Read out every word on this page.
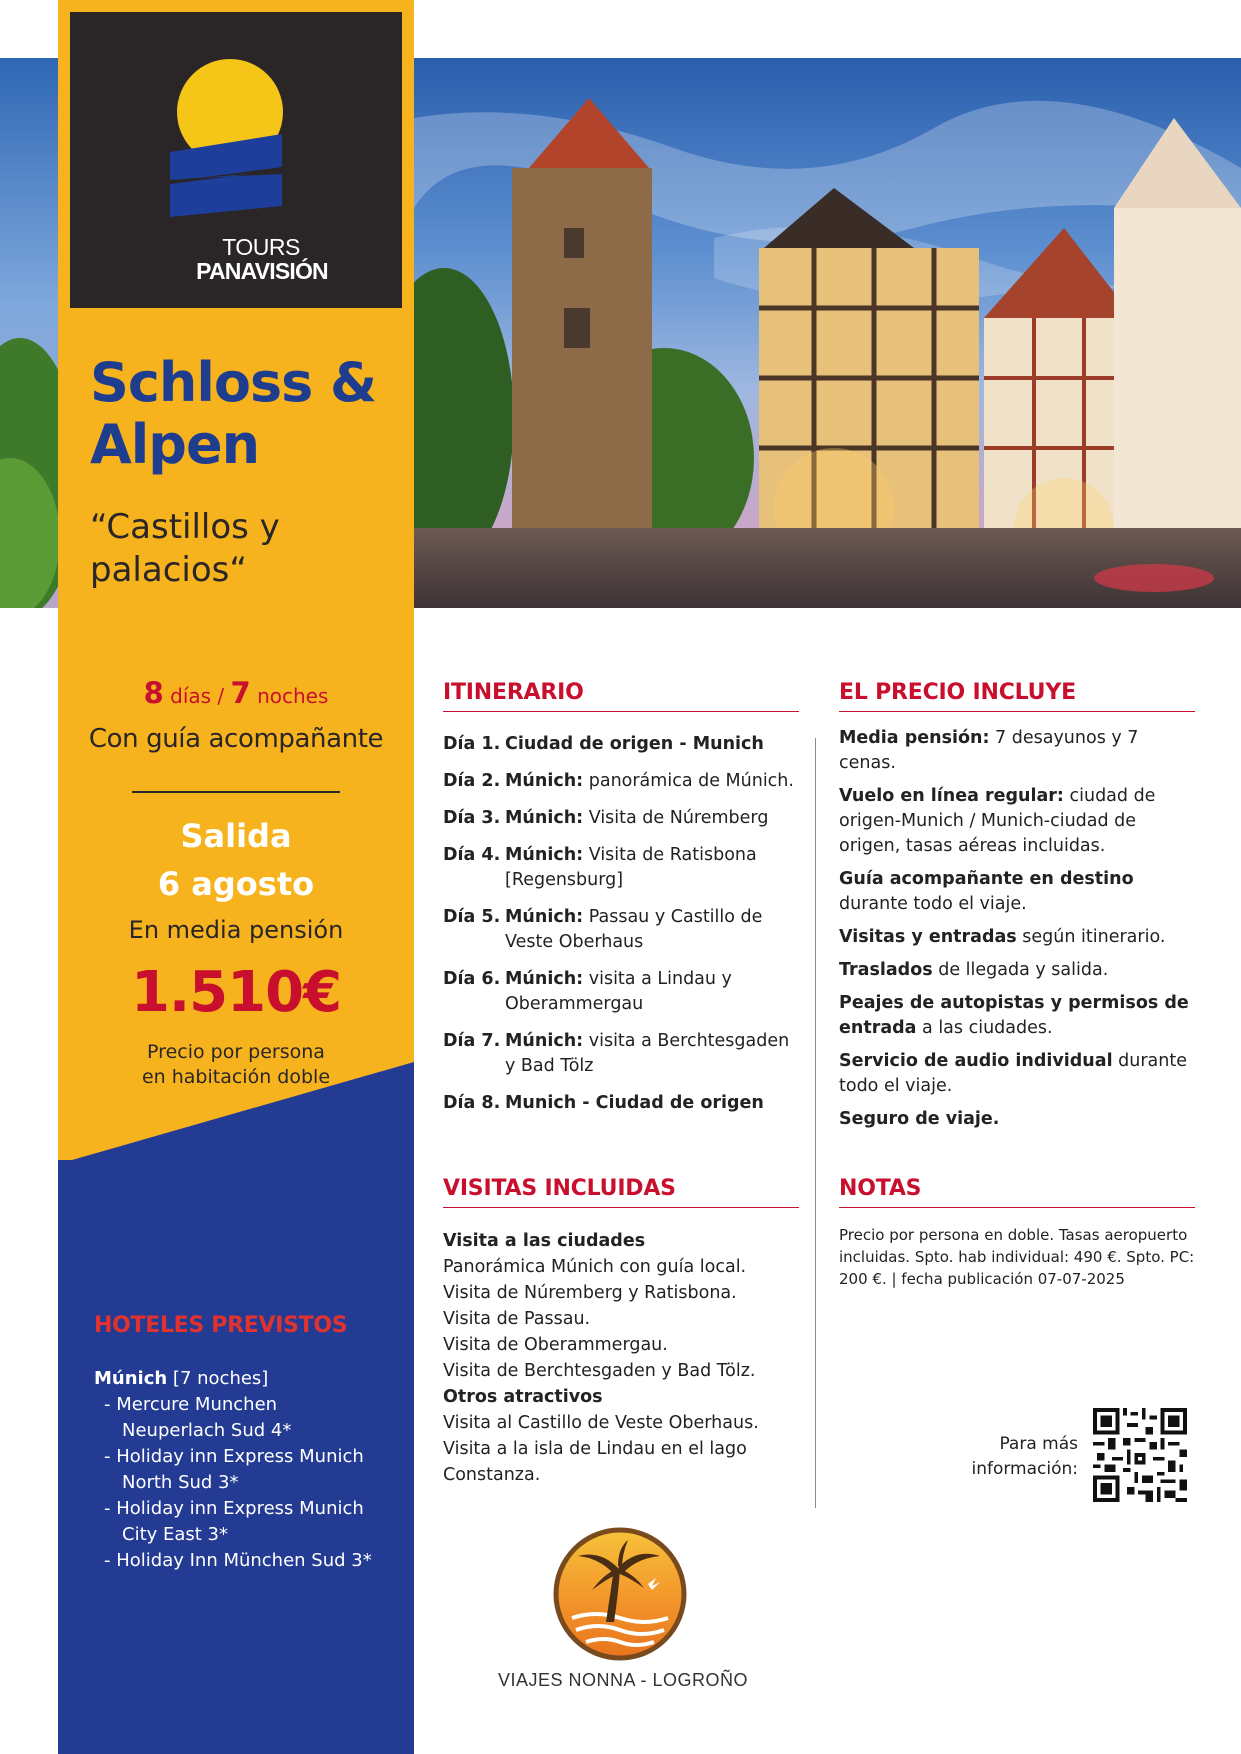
TOURS
PANAVISIÓN
Schloss &
Alpen
“Castillos y
palacios“
8 días / 7 noches
Con guía acompañante
Salida
6 agosto
En media pensión
1.510€
Precio por persona
en habitación doble
HOTELES PREVISTOS
Múnich [7 noches]
- Mercure Munchen
Neuperlach Sud 4*
- Holiday inn Express Munich
North Sud 3*
- Holiday inn Express Munich
City East 3*
- Holiday Inn München Sud 3*
ITINERARIO
Día 1. Ciudad de origen - Munich
Día 2. Múnich: panorámica de Múnich.
Día 3. Múnich: Visita de Núremberg
Día 4. Múnich: Visita de Ratisbona [Regensburg]
Día 5. Múnich: Passau y Castillo de Veste Oberhaus
Día 6. Múnich: visita a Lindau y Oberammergau
Día 7. Múnich: visita a Berchtesgaden y Bad Tölz
Día 8. Munich - Ciudad de origen
EL PRECIO INCLUYE

Media pensión: 7 desayunos y 7 cenas.

Vuelo en línea regular: ciudad de origen-Munich / Munich-ciudad de origen, tasas aéreas incluidas.

Guía acompañante en destino durante todo el viaje.

Visitas y entradas según itinerario.

Traslados de llegada y salida.

Peajes de autopistas y permisos de entrada a las ciudades.

Servicio de audio individual durante todo el viaje.

Seguro de viaje.

VISITAS INCLUIDAS
Visita a las ciudades
Panorámica Múnich con guía local.
Visita de Núremberg y Ratisbona.
Visita de Passau.
Visita de Oberammergau.
Visita de Berchtesgaden y Bad Tölz.
Otros atractivos
Visita al Castillo de Veste Oberhaus.
Visita a la isla de Lindau en el lago Constanza.
NOTAS
Precio por persona en doble. Tasas aeropuerto incluidas. Spto. hab individual: 490 €. Spto. PC: 200 €. | fecha publicación 07-07-2025
Para más
información:
VIAJES NONNA - LOGROÑO
